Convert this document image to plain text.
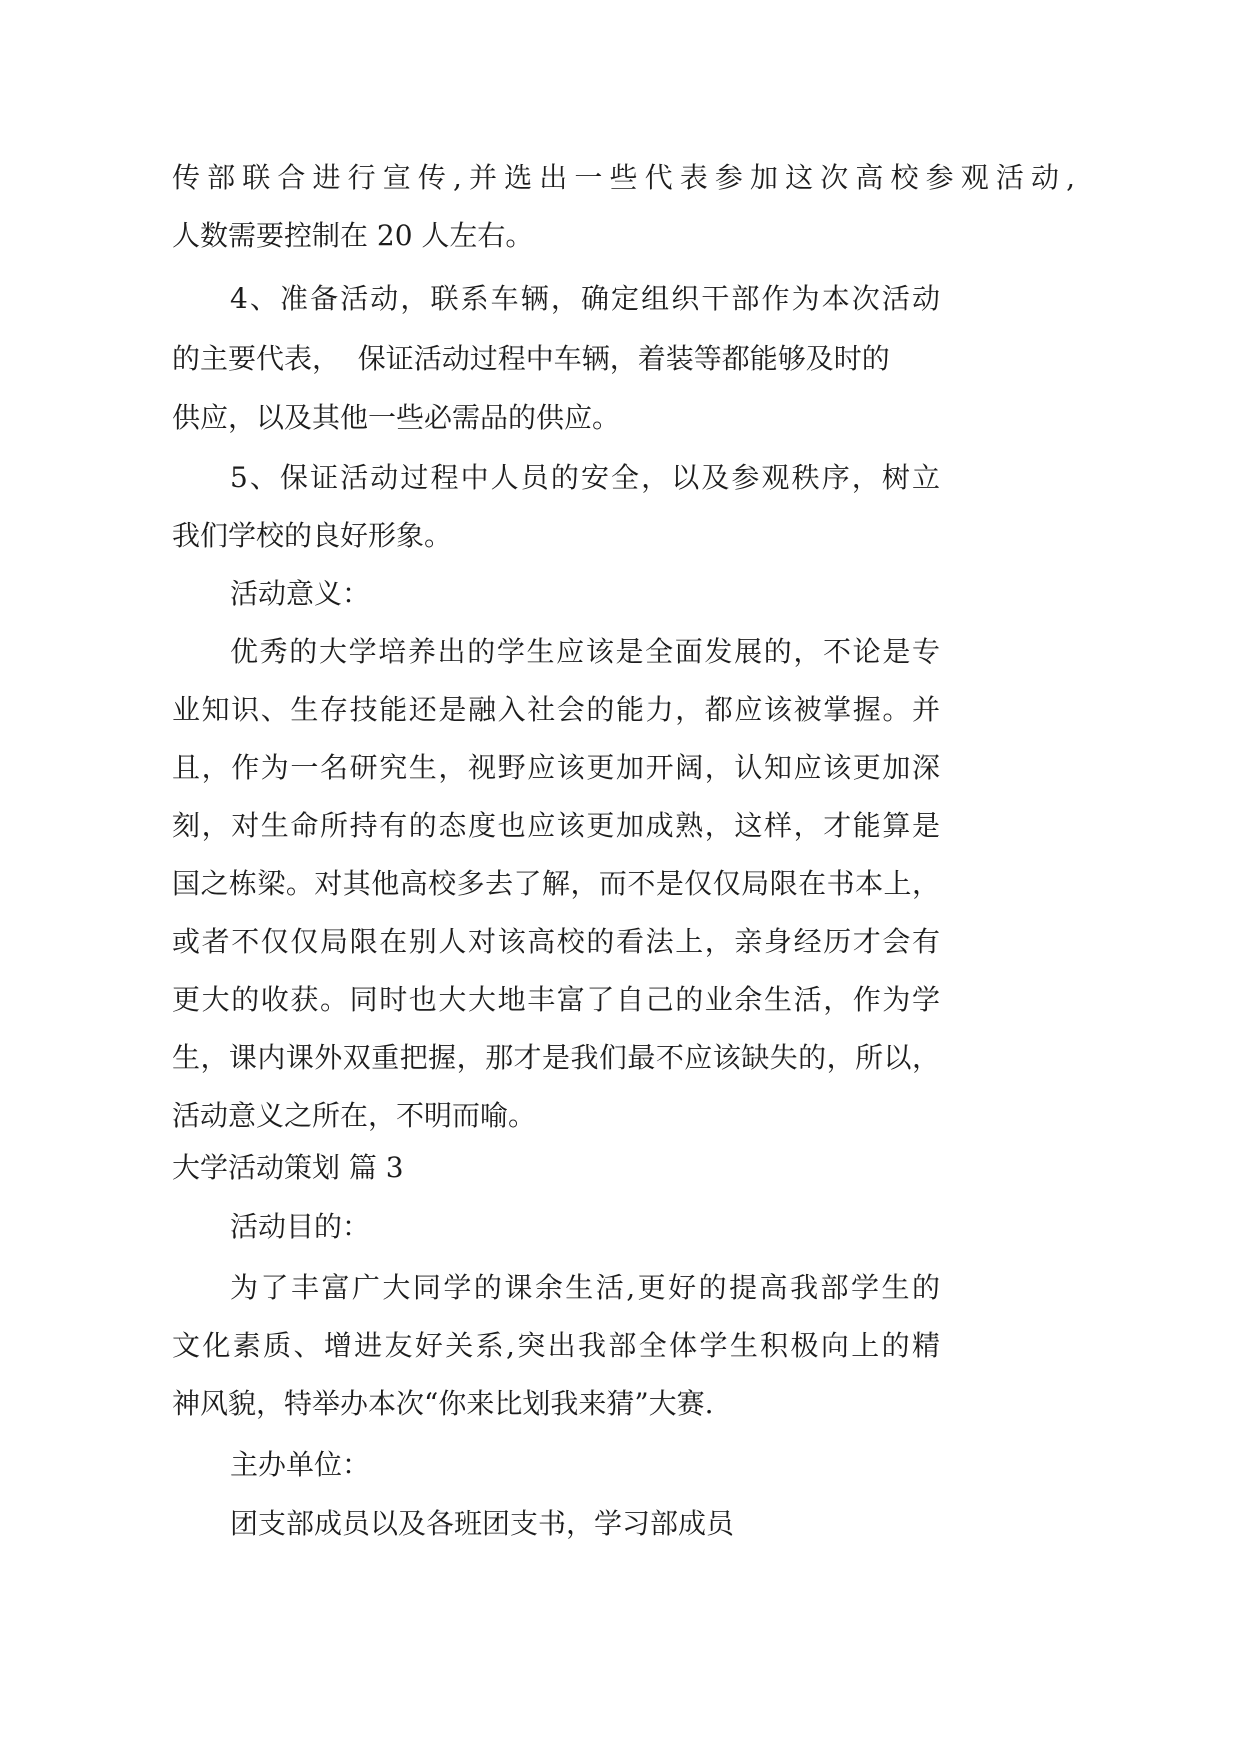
传部联合进行宣传,并选出一些代表参加这次高校参观活动,
人数需要控制在 20 人左右。
4、准备活动，联系车辆，确定组织干部作为本次活动
的主要代表，  保证活动过程中车辆，着装等都能够及时的
供应，以及其他一些必需品的供应。
5、保证活动过程中人员的安全，以及参观秩序，树立
我们学校的良好形象。
活动意义：
优秀的大学培养出的学生应该是全面发展的，不论是专
业知识、生存技能还是融入社会的能力，都应该被掌握。并
且，作为一名研究生，视野应该更加开阔，认知应该更加深
刻，对生命所持有的态度也应该更加成熟，这样，才能算是
国之栋梁。对其他高校多去了解，而不是仅仅局限在书本上，
或者不仅仅局限在别人对该高校的看法上，亲身经历才会有
更大的收获。同时也大大地丰富了自己的业余生活，作为学
生，课内课外双重把握，那才是我们最不应该缺失的，所以，
活动意义之所在，不明而喻。
大学活动策划 篇 3
活动目的：
为了丰富广大同学的课余生活,更好的提高我部学生的
文化素质、增进友好关系,突出我部全体学生积极向上的精
神风貌，特举办本次“你来比划我来猜”大赛.
主办单位：
团支部成员以及各班团支书，学习部成员
